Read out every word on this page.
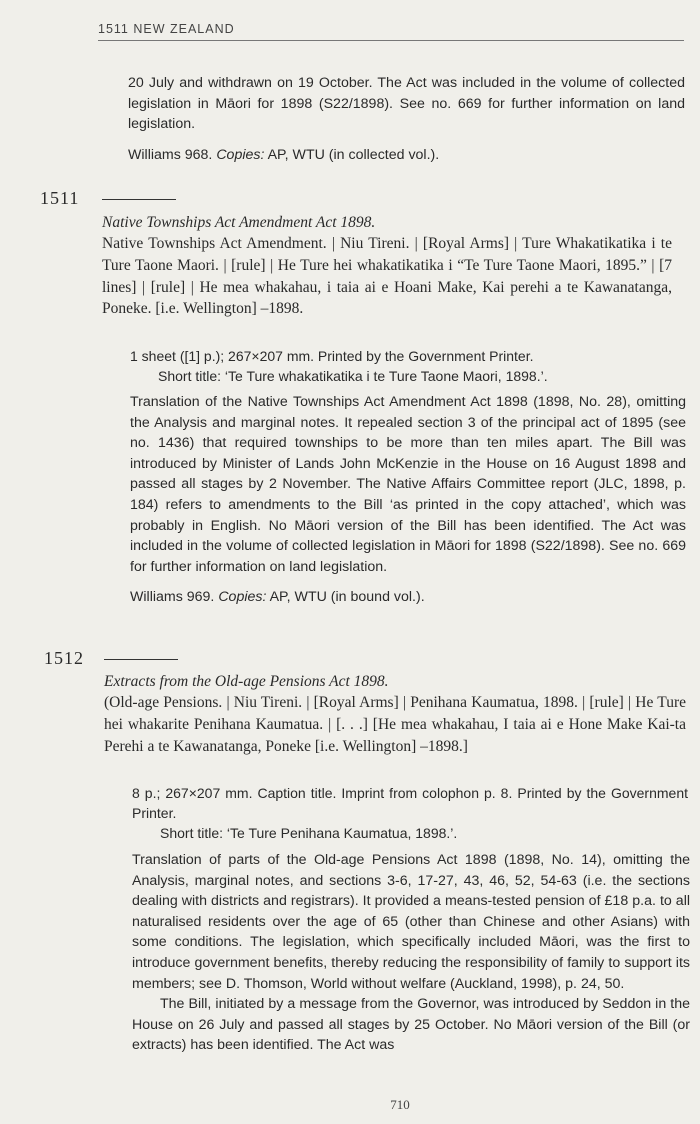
1511 NEW ZEALAND

20 July and withdrawn on 19 October. The Act was included in the volume of collected legislation in Māori for 1898 (S22/1898). See no. 669 for further information on land legislation.

Williams 968. Copies: AP, WTU (in collected vol.).

1511

Native Townships Act Amendment Act 1898.

Native Townships Act Amendment. | Niu Tireni. | [Royal Arms] | Ture Whakatikatika i te Ture Taone Maori. | [rule] | He Ture hei whakatikatika i “Te Ture Taone Maori, 1895.” | [7 lines] | [rule] | He mea whakahau, i taia ai e Hoani Make, Kai perehi a te Kawanatanga, Poneke. [i.e. Wellington] –1898.

1 sheet ([1] p.); 267×207 mm. Printed by the Government Printer.

Short title: ‘Te Ture whakatikatika i te Ture Taone Maori, 1898.’.

Translation of the Native Townships Act Amendment Act 1898 (1898, No. 28), omitting the Analysis and marginal notes. It repealed section 3 of the principal act of 1895 (see no. 1436) that required townships to be more than ten miles apart. The Bill was introduced by Minister of Lands John McKenzie in the House on 16 August 1898 and passed all stages by 2 November. The Native Affairs Committee report (JLC, 1898, p. 184) refers to amendments to the Bill ‘as printed in the copy attached’, which was probably in English. No Māori version of the Bill has been identified. The Act was included in the volume of collected legislation in Māori for 1898 (S22/1898). See no. 669 for further information on land legislation.

Williams 969. Copies: AP, WTU (in bound vol.).

1512

Extracts from the Old-age Pensions Act 1898.

(Old-age Pensions. | Niu Tireni. | [Royal Arms] | Penihana Kaumatua, 1898. | [rule] | He Ture hei whakarite Penihana Kaumatua. | [. . .] [He mea whakahau, I taia ai e Hone Make Kai-ta Perehi a te Kawanatanga, Poneke [i.e. Wellington] –1898.]

8 p.; 267×207 mm. Caption title. Imprint from colophon p. 8. Printed by the Government Printer.

Short title: ‘Te Ture Penihana Kaumatua, 1898.’.

Translation of parts of the Old-age Pensions Act 1898 (1898, No. 14), omitting the Analysis, marginal notes, and sections 3-6, 17-27, 43, 46, 52, 54-63 (i.e. the sections dealing with districts and registrars). It provided a means-tested pension of £18 p.a. to all naturalised residents over the age of 65 (other than Chinese and other Asians) with some conditions. The legislation, which specifically included Māori, was the first to introduce government benefits, thereby reducing the responsibility of family to support its members; see D. Thomson, World without welfare (Auckland, 1998), p. 24, 50.

The Bill, initiated by a message from the Governor, was introduced by Seddon in the House on 26 July and passed all stages by 25 October. No Māori version of the Bill (or extracts) has been identified. The Act was

710
